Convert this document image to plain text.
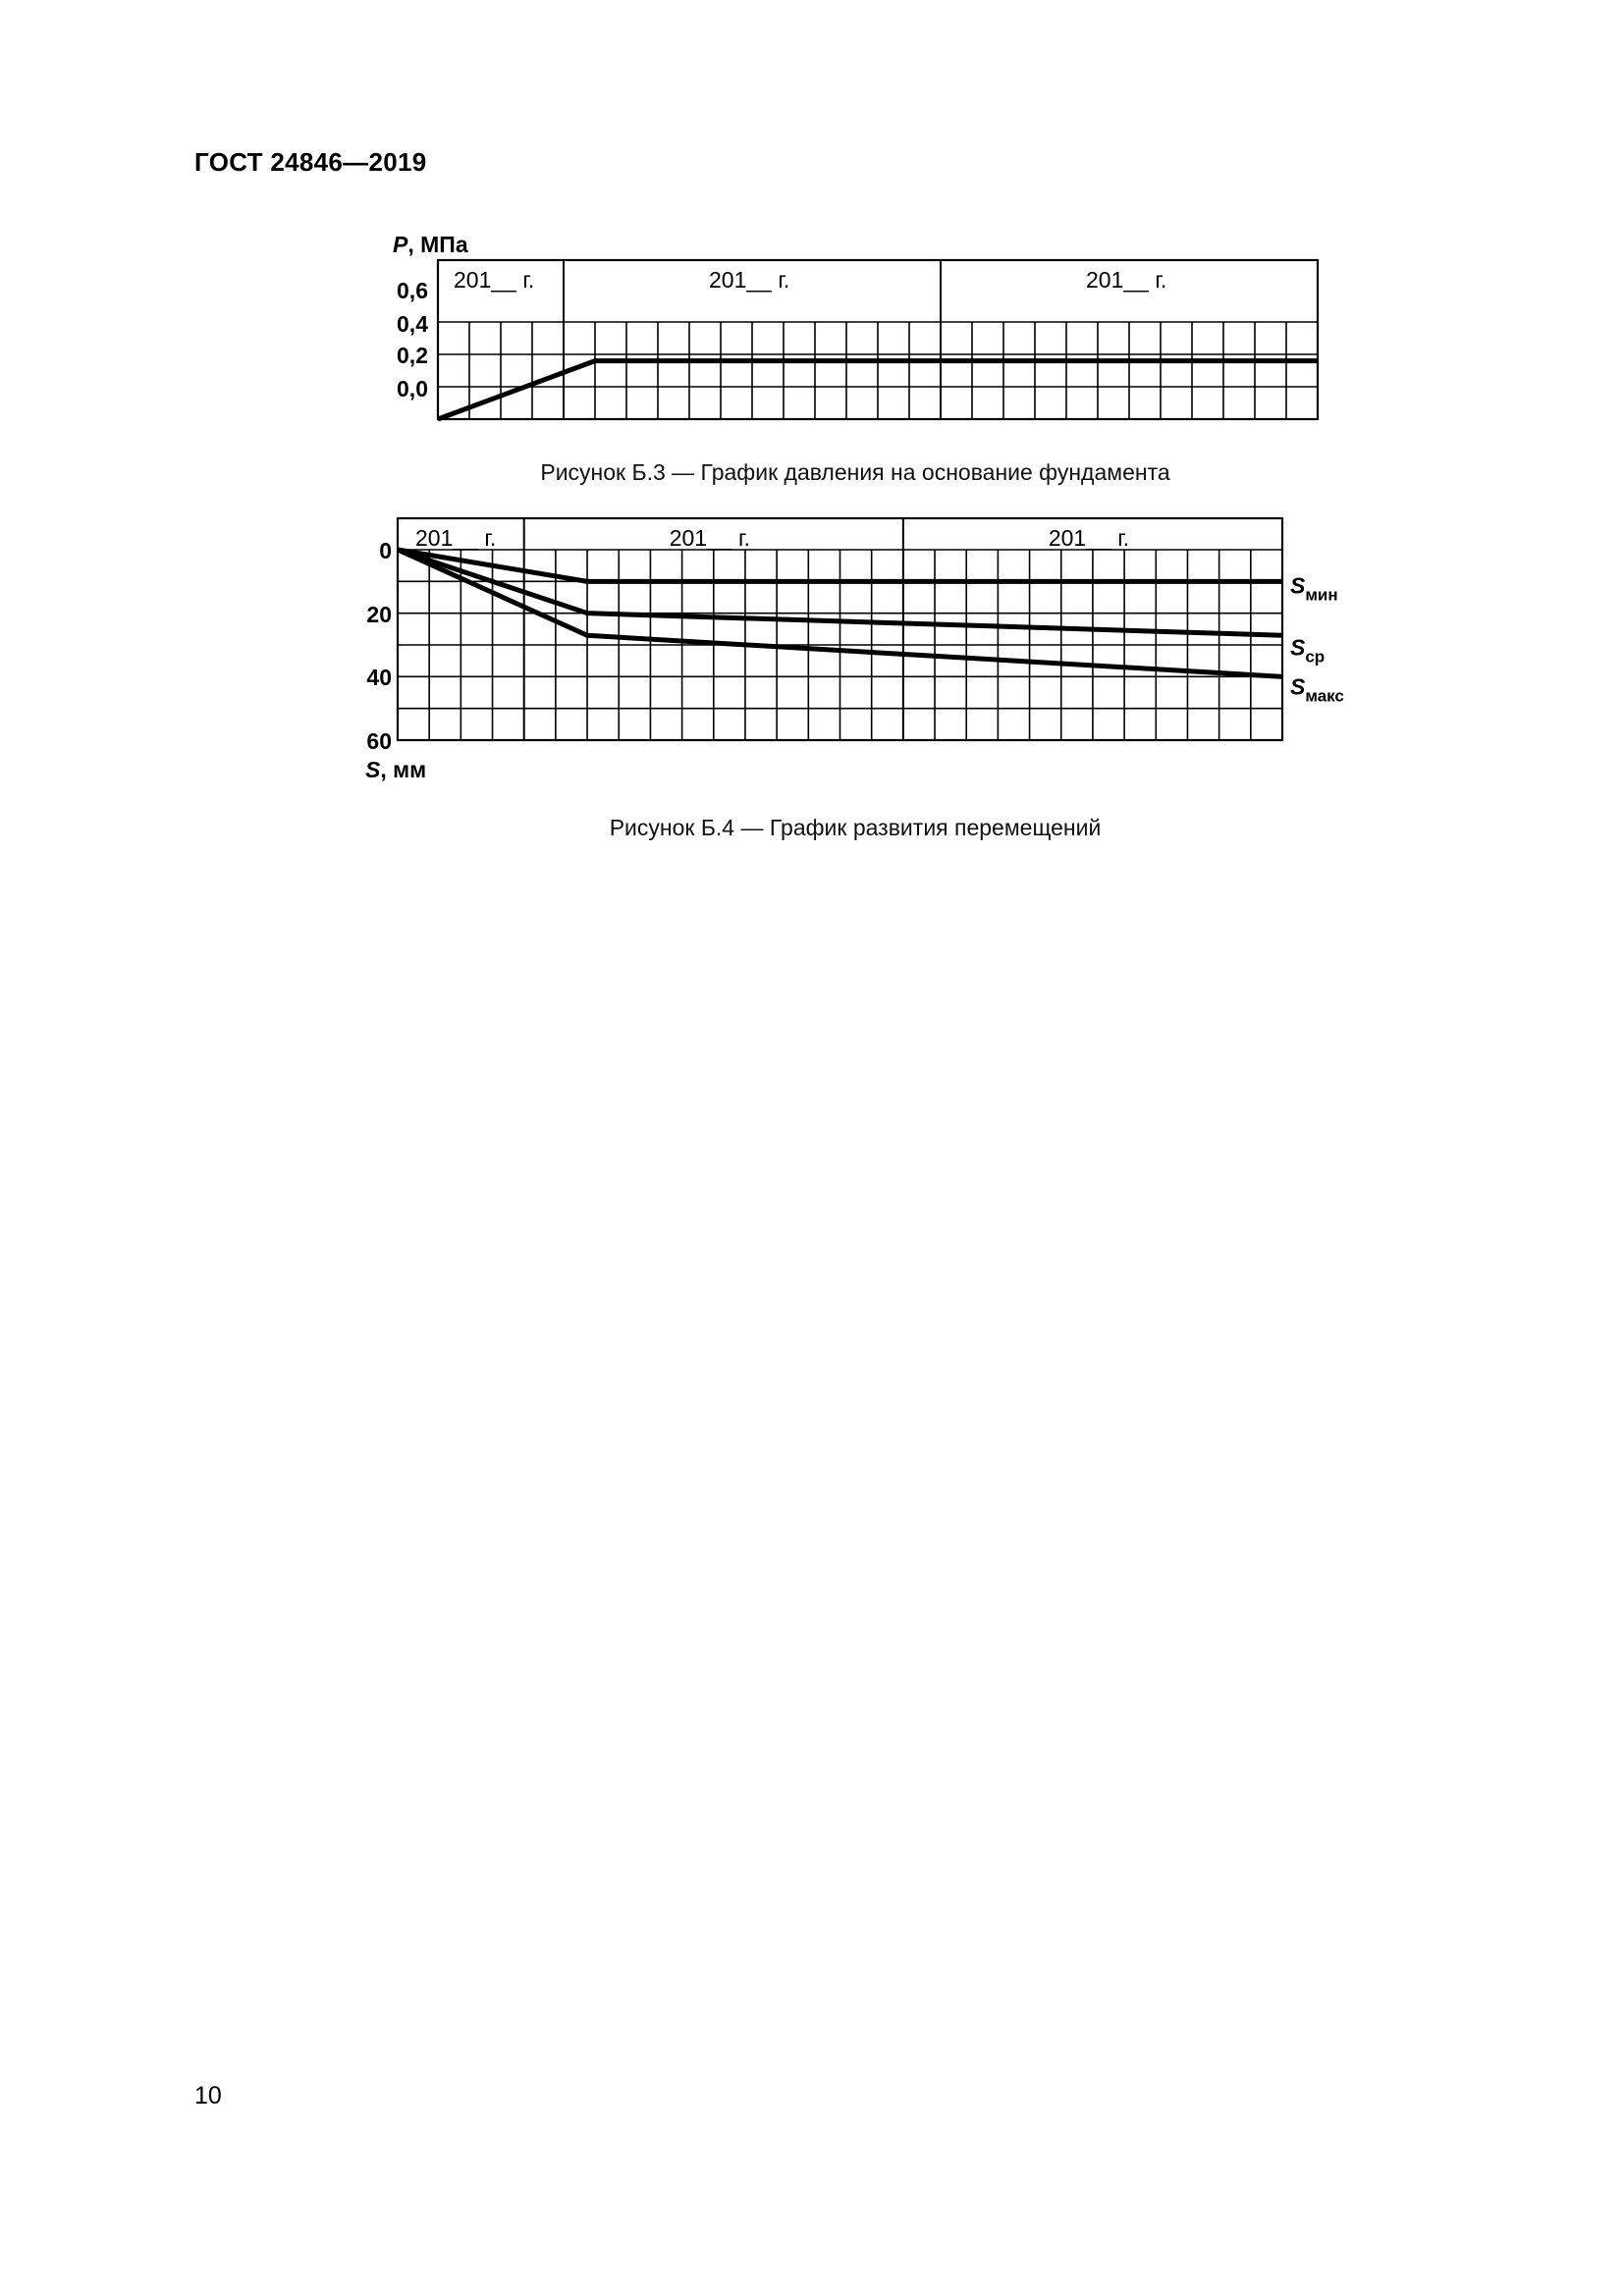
ГОСТ 24846—2019
201__ г.	201__ г.	201__ г.
0,6
0,4
0,2
0,0
P, МПа
201__ г.	201__ г.	201__ г.
0
20
40
60
S, мм
$S_{мин}$
$S_{ср}$
$S_{макс}$
Рисунок Б.3 — График давления на основание фундамента
Рисунок Б.4 — График развития перемещений
10
